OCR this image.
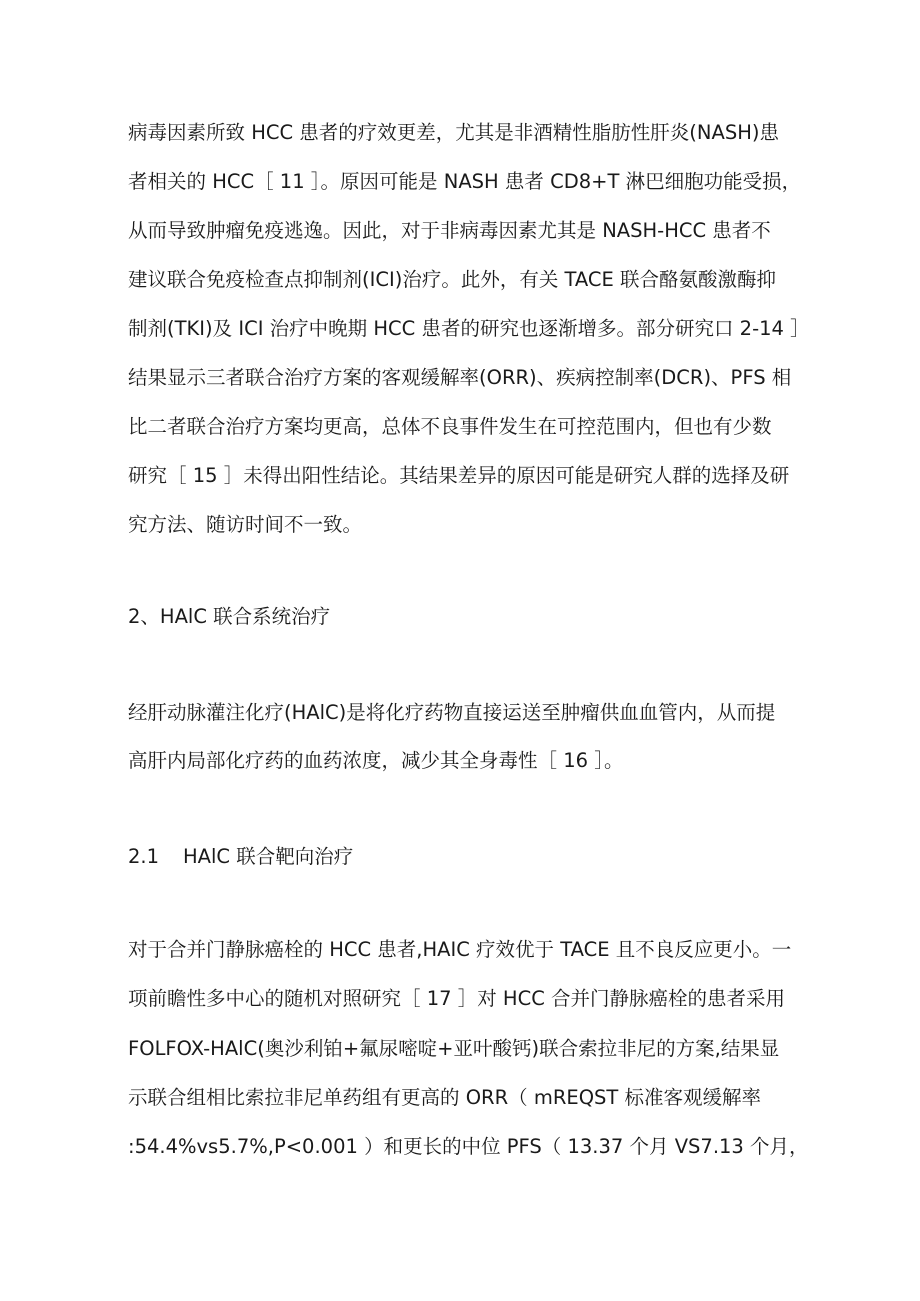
病毒因素所致 HCC 患者的疗效更差，尤其是非酒精性脂肪性肝炎(NASH)患
者相关的 HCC［ 11 ］。原因可能是 NASH 患者 CD8+T 淋巴细胞功能受损，
从而导致肿瘤免疫逃逸。因此，对于非病毒因素尤其是 NASH-HCC 患者不
建议联合免疫检查点抑制剂(ICI)治疗。此外，有关 TACE 联合酪氨酸激酶抑
制剂(TKI)及 ICI 治疗中晚期 HCC 患者的研究也逐渐增多。部分研究口 2-14 ］
结果显示三者联合治疗方案的客观缓解率(ORR)、疾病控制率(DCR)、PFS 相
比二者联合治疗方案均更高，总体不良事件发生在可控范围内，但也有少数
研究［ 15 ］未得出阳性结论。其结果差异的原因可能是研究人群的选择及研
究方法、随访时间不一致。
2、HAlC 联合系统治疗
经肝动脉灌注化疗(HAlC)是将化疗药物直接运送至肿瘤供血血管内，从而提
高肝内局部化疗药的血药浓度，减少其全身毒性［ 16 ］。
2.1 HAlC 联合靶向治疗
对于合并门静脉癌栓的 HCC 患者,HAIC 疗效优于 TACE 且不良反应更小。一
项前瞻性多中心的随机对照研究［ 17 ］对 HCC 合并门静脉癌栓的患者采用
FOLFOX-HAlC(奥沙利铂+氟尿嘧啶+亚叶酸钙)联合索拉非尼的方案,结果显
示联合组相比索拉非尼单药组有更高的 ORR（ mREQST 标准客观缓解率
:54.4%vs5.7%,P<0.001 ）和更长的中位 PFS（ 13.37 个月 VS7.13 个月，
